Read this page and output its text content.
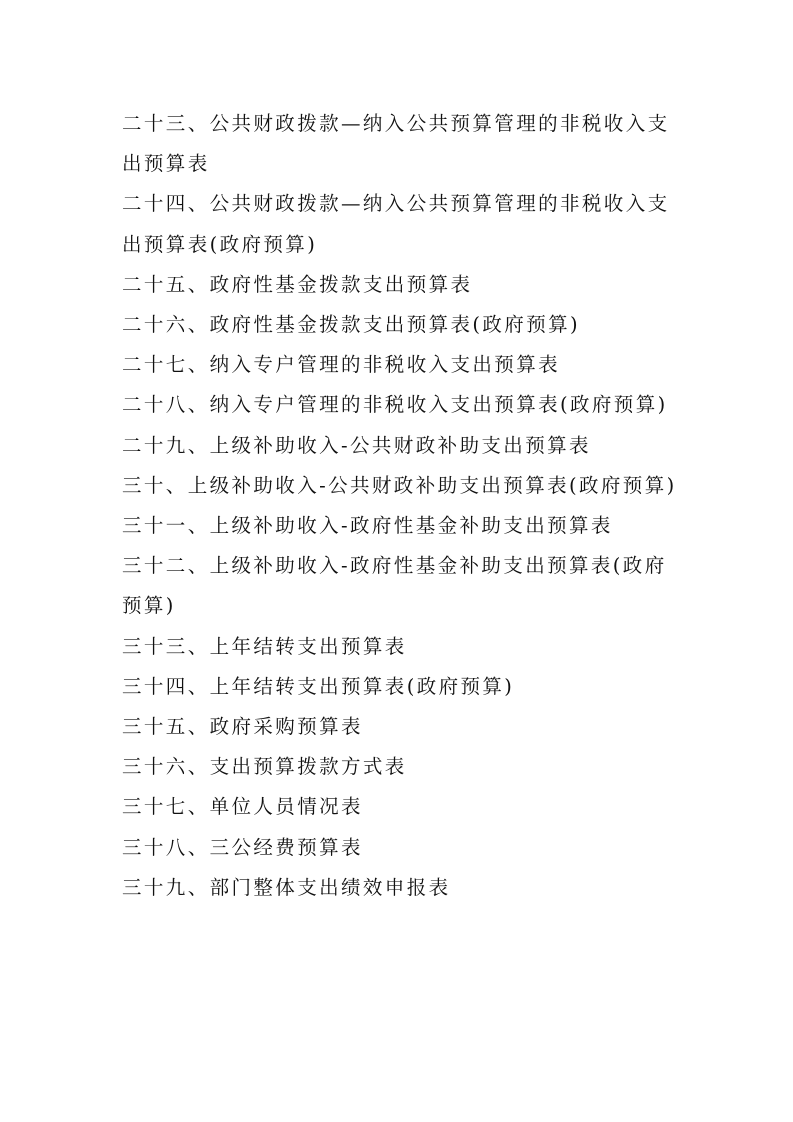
二十三、公共财政拨款—纳入公共预算管理的非税收入支出预算表
二十四、公共财政拨款—纳入公共预算管理的非税收入支出预算表(政府预算)
二十五、政府性基金拨款支出预算表
二十六、政府性基金拨款支出预算表(政府预算)
二十七、纳入专户管理的非税收入支出预算表
二十八、纳入专户管理的非税收入支出预算表(政府预算)
二十九、上级补助收入-公共财政补助支出预算表
三十、上级补助收入-公共财政补助支出预算表(政府预算)
三十一、上级补助收入-政府性基金补助支出预算表
三十二、上级补助收入-政府性基金补助支出预算表(政府预算)
三十三、上年结转支出预算表
三十四、上年结转支出预算表(政府预算)
三十五、政府采购预算表
三十六、支出预算拨款方式表
三十七、单位人员情况表
三十八、三公经费预算表
三十九、部门整体支出绩效申报表
